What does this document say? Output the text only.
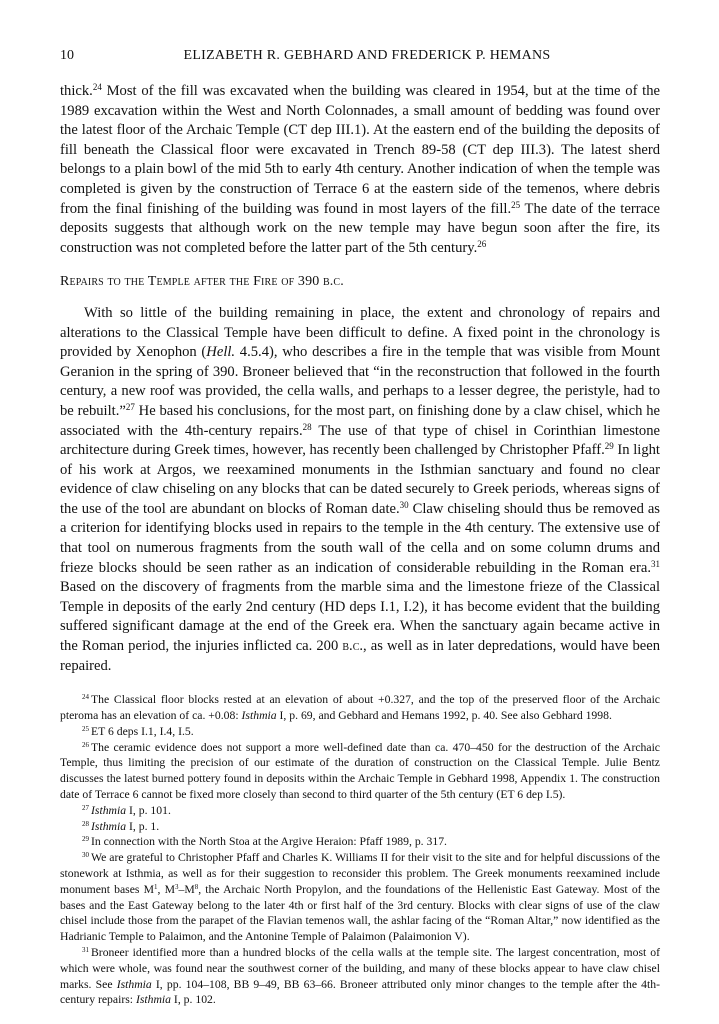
10	ELIZABETH R. GEBHARD AND FREDERICK P. HEMANS

thick.$^{24}$ Most of the fill was excavated when the building was cleared in 1954, but at the time of the 1989 excavation within the West and North Colonnades, a small amount of bedding was found over the latest floor of the Archaic Temple (CT dep III.1). At the eastern end of the building the deposits of fill beneath the Classical floor were excavated in Trench 89-58 (CT dep III.3). The latest sherd belongs to a plain bowl of the mid 5th to early 4th century. Another indication of when the temple was completed is given by the construction of Terrace 6 at the eastern side of the temenos, where debris from the final finishing of the building was found in most layers of the fill.$^{25}$ The date of the terrace deposits suggests that although work on the new temple may have begun soon after the fire, its construction was not completed before the latter part of the 5th century.$^{26}$

Repairs to the Temple after the Fire of 390 b.c.

With so little of the building remaining in place, the extent and chronology of repairs and alterations to the Classical Temple have been difficult to define. A fixed point in the chronology is provided by Xenophon (Hell. 4.5.4), who describes a fire in the temple that was visible from Mount Geranion in the spring of 390. Broneer believed that “in the reconstruction that followed in the fourth century, a new roof was provided, the cella walls, and perhaps to a lesser degree, the peristyle, had to be rebuilt.”$^{27}$ He based his conclusions, for the most part, on finishing done by a claw chisel, which he associated with the 4th-century repairs.$^{28}$ The use of that type of chisel in Corinthian limestone architecture during Greek times, however, has recently been challenged by Christopher Pfaff.$^{29}$ In light of his work at Argos, we reexamined monuments in the Isthmian sanctuary and found no clear evidence of claw chiseling on any blocks that can be dated securely to Greek periods, whereas signs of the use of the tool are abundant on blocks of Roman date.$^{30}$ Claw chiseling should thus be removed as a criterion for identifying blocks used in repairs to the temple in the 4th century. The extensive use of that tool on numerous fragments from the south wall of the cella and on some column drums and frieze blocks should be seen rather as an indication of considerable rebuilding in the Roman era.$^{31}$ Based on the discovery of fragments from the marble sima and the limestone frieze of the Classical Temple in deposits of the early 2nd century (HD deps I.1, I.2), it has become evident that the building suffered significant damage at the end of the Greek era. When the sanctuary again became active in the Roman period, the injuries inflicted ca. 200 b.c., as well as in later depredations, would have been repaired.

$^{24}$ The Classical floor blocks rested at an elevation of about +0.327, and the top of the preserved floor of the Archaic pteroma has an elevation of ca. +0.08: Isthmia I, p. 69, and Gebhard and Hemans 1992, p. 40. See also Gebhard 1998.

$^{25}$ ET 6 deps I.1, I.4, I.5.

$^{26}$ The ceramic evidence does not support a more well-defined date than ca. 470–450 for the destruction of the Archaic Temple, thus limiting the precision of our estimate of the duration of construction on the Classical Temple. Julie Bentz discusses the latest burned pottery found in deposits within the Archaic Temple in Gebhard 1998, Appendix 1. The construction date of Terrace 6 cannot be fixed more closely than second to third quarter of the 5th century (ET 6 dep I.5).

$^{27}$ Isthmia I, p. 101.

$^{28}$ Isthmia I, p. 1.

$^{29}$ In connection with the North Stoa at the Argive Heraion: Pfaff 1989, p. 317.

$^{30}$ We are grateful to Christopher Pfaff and Charles K. Williams II for their visit to the site and for helpful discussions of the stonework at Isthmia, as well as for their suggestion to reconsider this problem. The Greek monuments reexamined include monument bases $M^1$, $M^3-M^8$, the Archaic North Propylon, and the foundations of the Hellenistic East Gateway. Most of the bases and the East Gateway belong to the later 4th or first half of the 3rd century. Blocks with clear signs of use of the claw chisel include those from the parapet of the Flavian temenos wall, the ashlar facing of the “Roman Altar,” now identified as the Hadrianic Temple to Palaimon, and the Antonine Temple of Palaimon (Palaimonion V).

$^{31}$ Broneer identified more than a hundred blocks of the cella walls at the temple site. The largest concentration, most of which were whole, was found near the southwest corner of the building, and many of these blocks appear to have claw chisel marks. See Isthmia I, pp. 104–108, BB 9–49, BB 63–66. Broneer attributed only minor changes to the temple after the 4th-century repairs: Isthmia I, p. 102.
